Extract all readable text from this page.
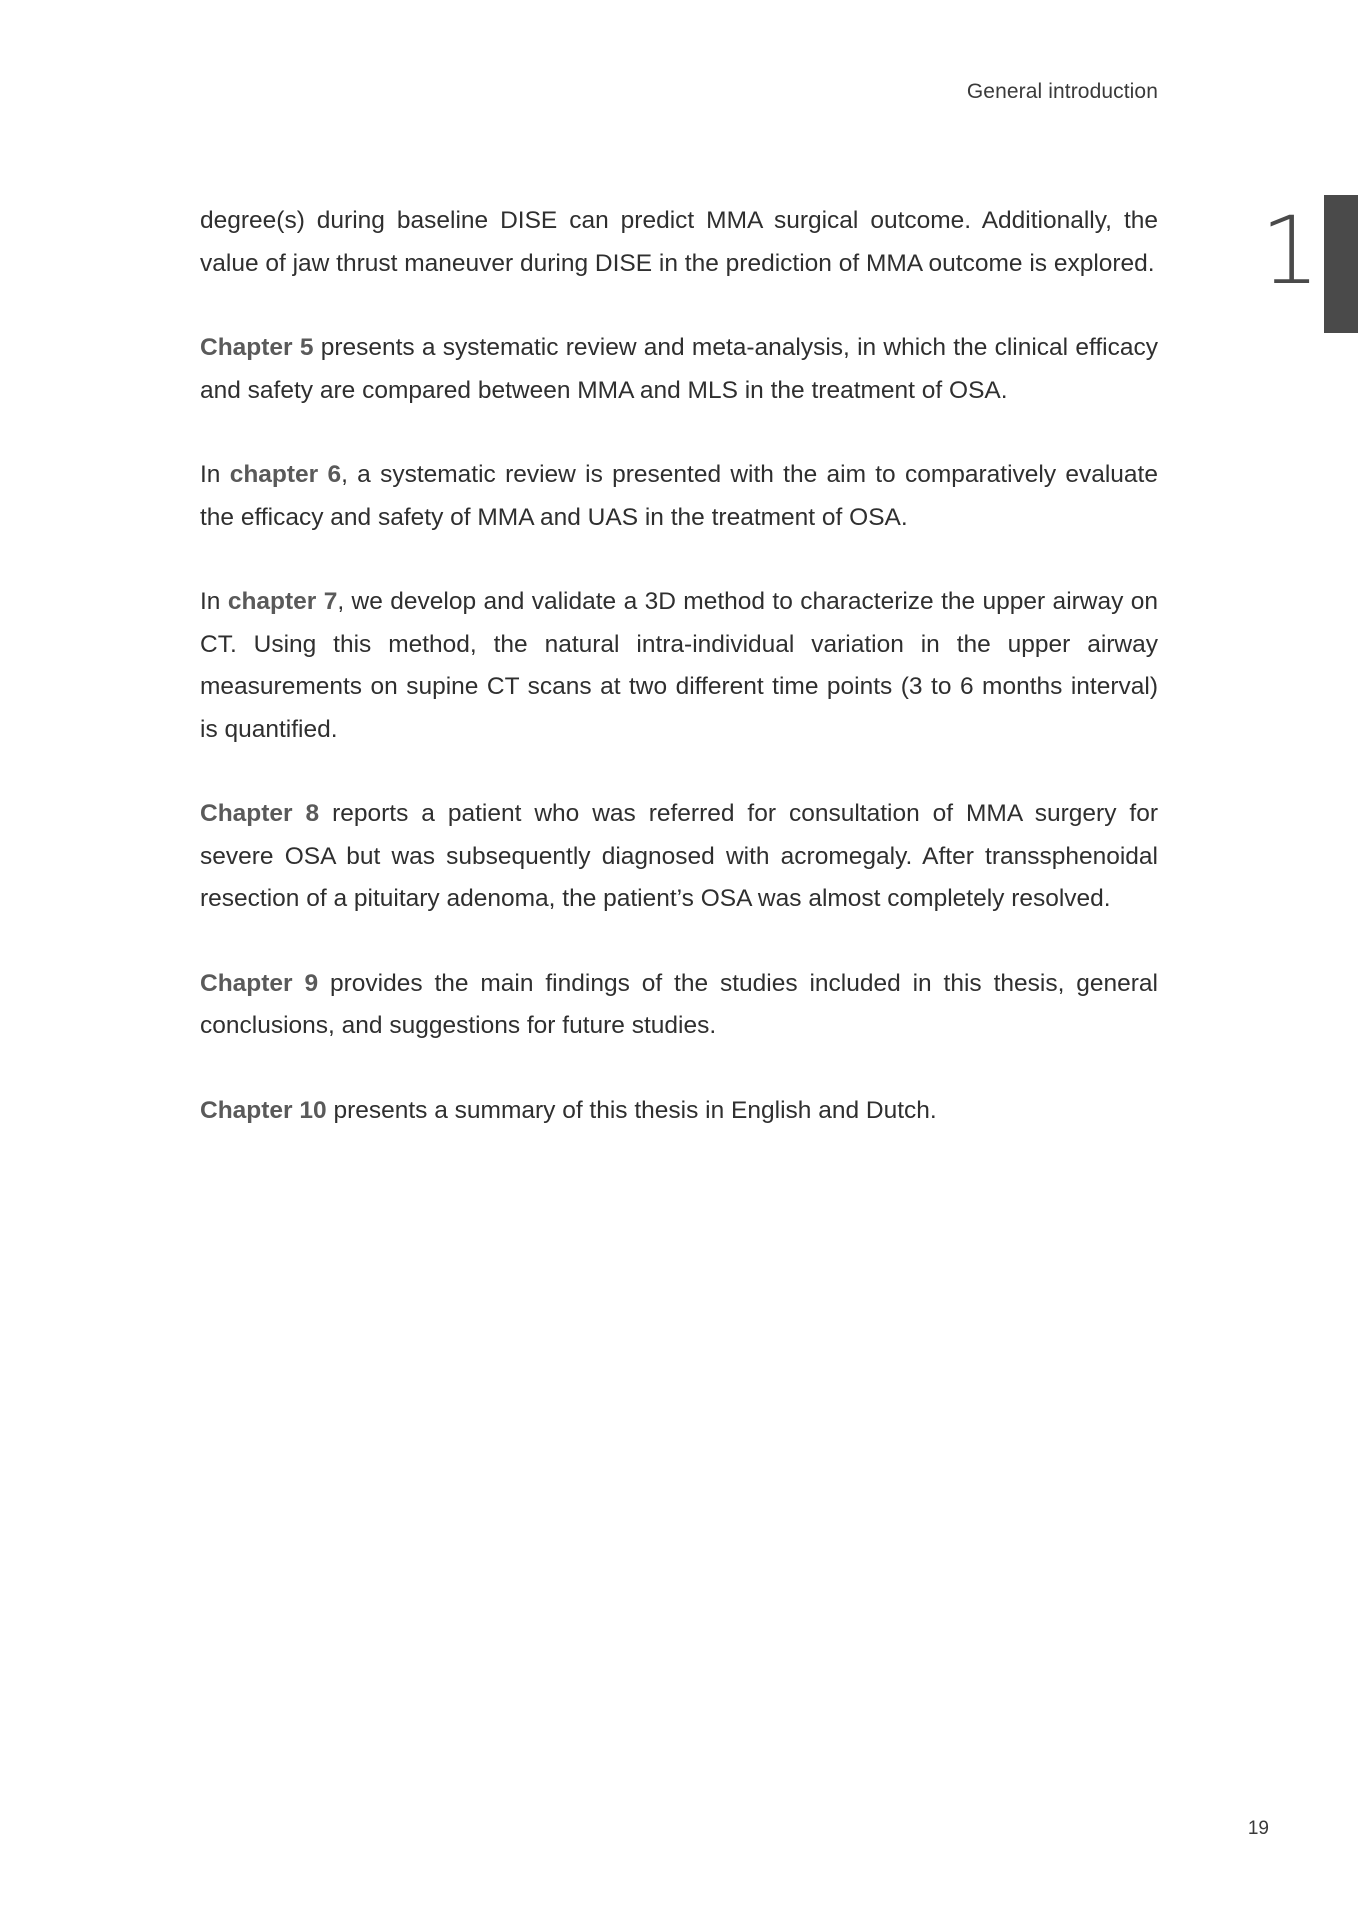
General introduction
1

degree(s) during baseline DISE can predict MMA surgical outcome. Additionally, the value of jaw thrust maneuver during DISE in the prediction of MMA outcome is explored.

Chapter 5 presents a systematic review and meta-analysis, in which the clinical efficacy and safety are compared between MMA and MLS in the treatment of OSA.

In chapter 6, a systematic review is presented with the aim to comparatively evaluate the efficacy and safety of MMA and UAS in the treatment of OSA.

In chapter 7, we develop and validate a 3D method to characterize the upper airway on CT. Using this method, the natural intra-individual variation in the upper airway measurements on supine CT scans at two different time points (3 to 6 months interval) is quantified.

Chapter 8 reports a patient who was referred for consultation of MMA surgery for severe OSA but was subsequently diagnosed with acromegaly. After transsphenoidal resection of a pituitary adenoma, the patient’s OSA was almost completely resolved.

Chapter 9 provides the main findings of the studies included in this thesis, general conclusions, and suggestions for future studies.

Chapter 10 presents a summary of this thesis in English and Dutch.

19
